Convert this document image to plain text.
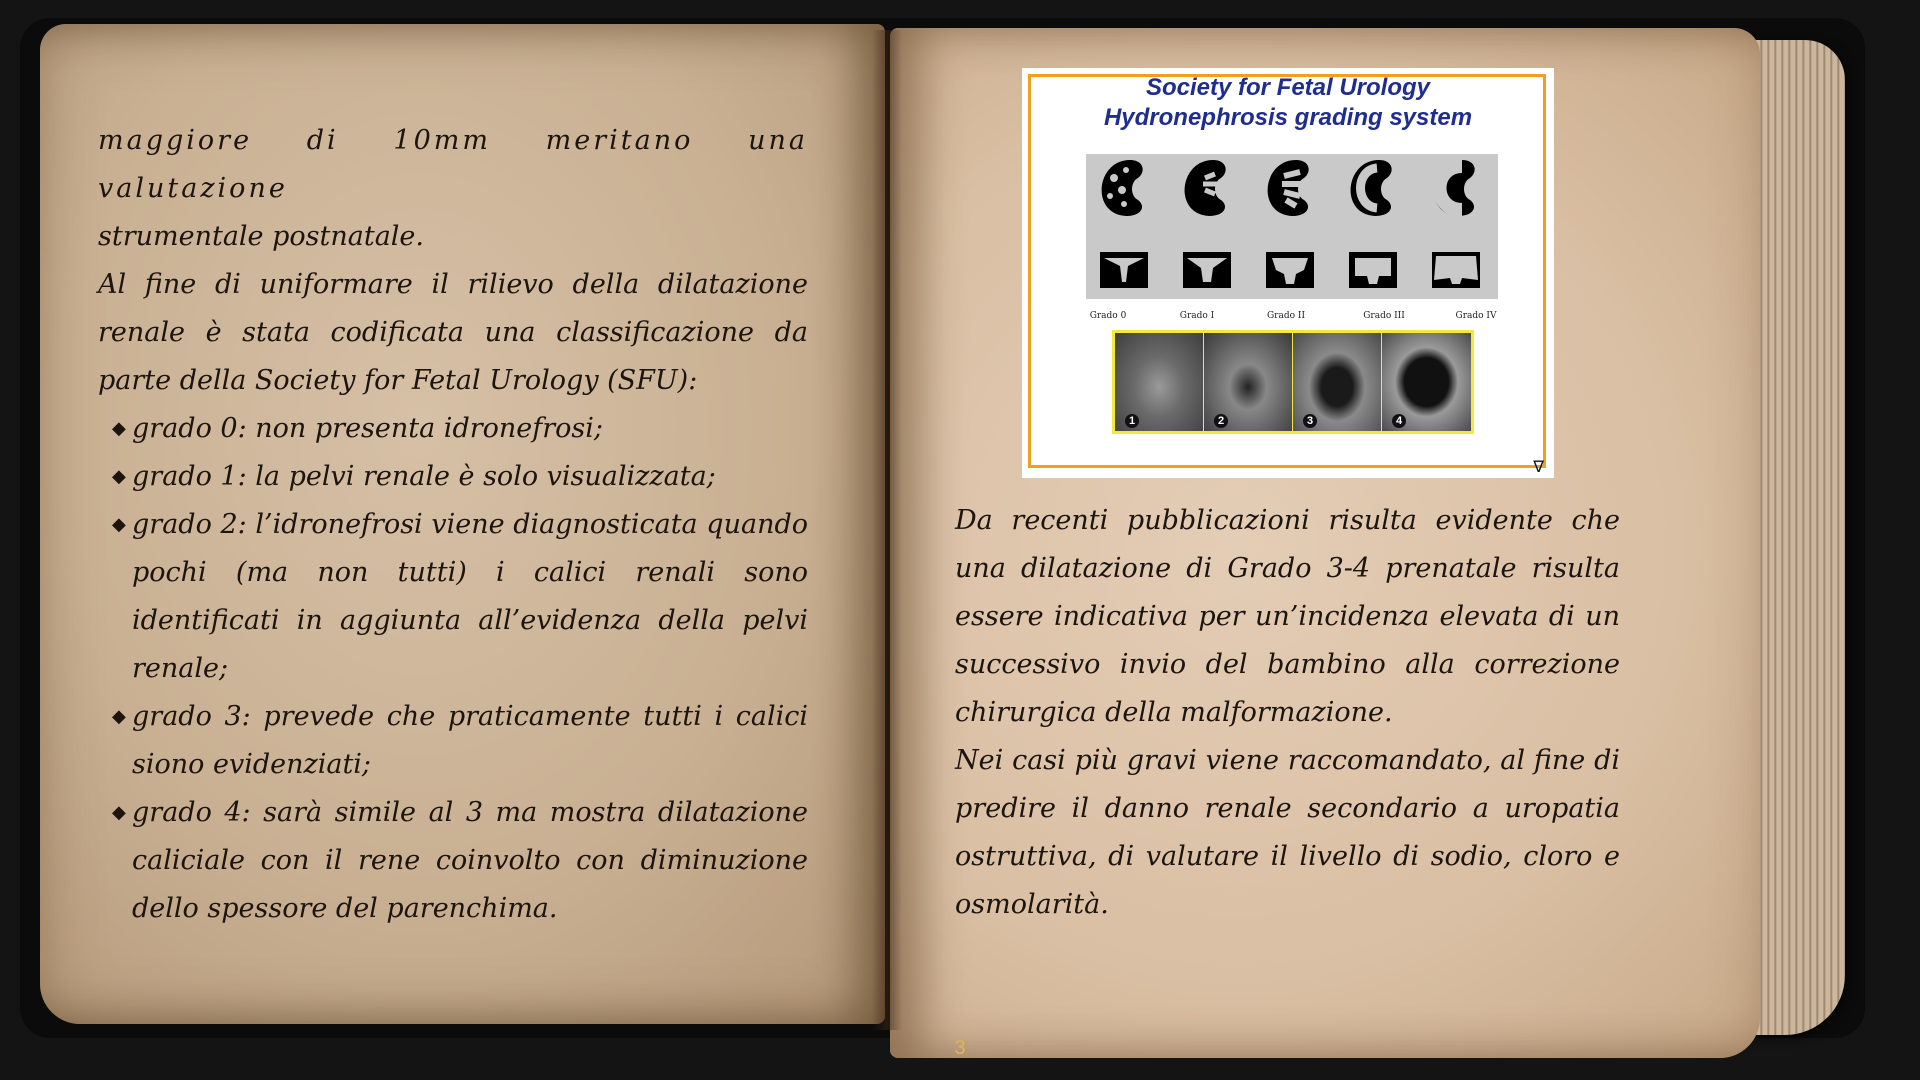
maggiore di 10mm meritano una valutazione

strumentale postnatale.

Al fine di uniformare il rilievo della dilatazione renale è stata codificata una classificazione da parte della Society for Fetal Urology (SFU):

◆ grado 0: non presenta idronefrosi;
◆ grado 1: la pelvi renale è solo visualizzata;
◆ grado 2: l’idronefrosi viene diagnosticata quando pochi (ma non tutti) i calici renali sono identificati in aggiunta all’evidenza della pelvi renale;
◆ grado 3: prevede che praticamente tutti i calici siono evidenziati;
◆ grado 4: sarà simile al 3 ma mostra dilatazione caliciale con il rene coinvolto con diminuzione dello spessore del parenchima.
Society for Fetal Urology
Hydronephrosis grading system
Grado 0	Grado I	Grado II	Grado III	Grado IV
1	2	3	4
∇

Da recenti pubblicazioni risulta evidente che una dilatazione di Grado 3-4 prenatale risulta essere indicativa per un’incidenza elevata di un successivo invio del bambino alla correzione chirurgica della malformazione.

Nei casi più gravi viene raccomandato, al fine di predire il danno renale secondario a uropatia ostruttiva, di valutare il livello di sodio, cloro e osmolarità.

3
